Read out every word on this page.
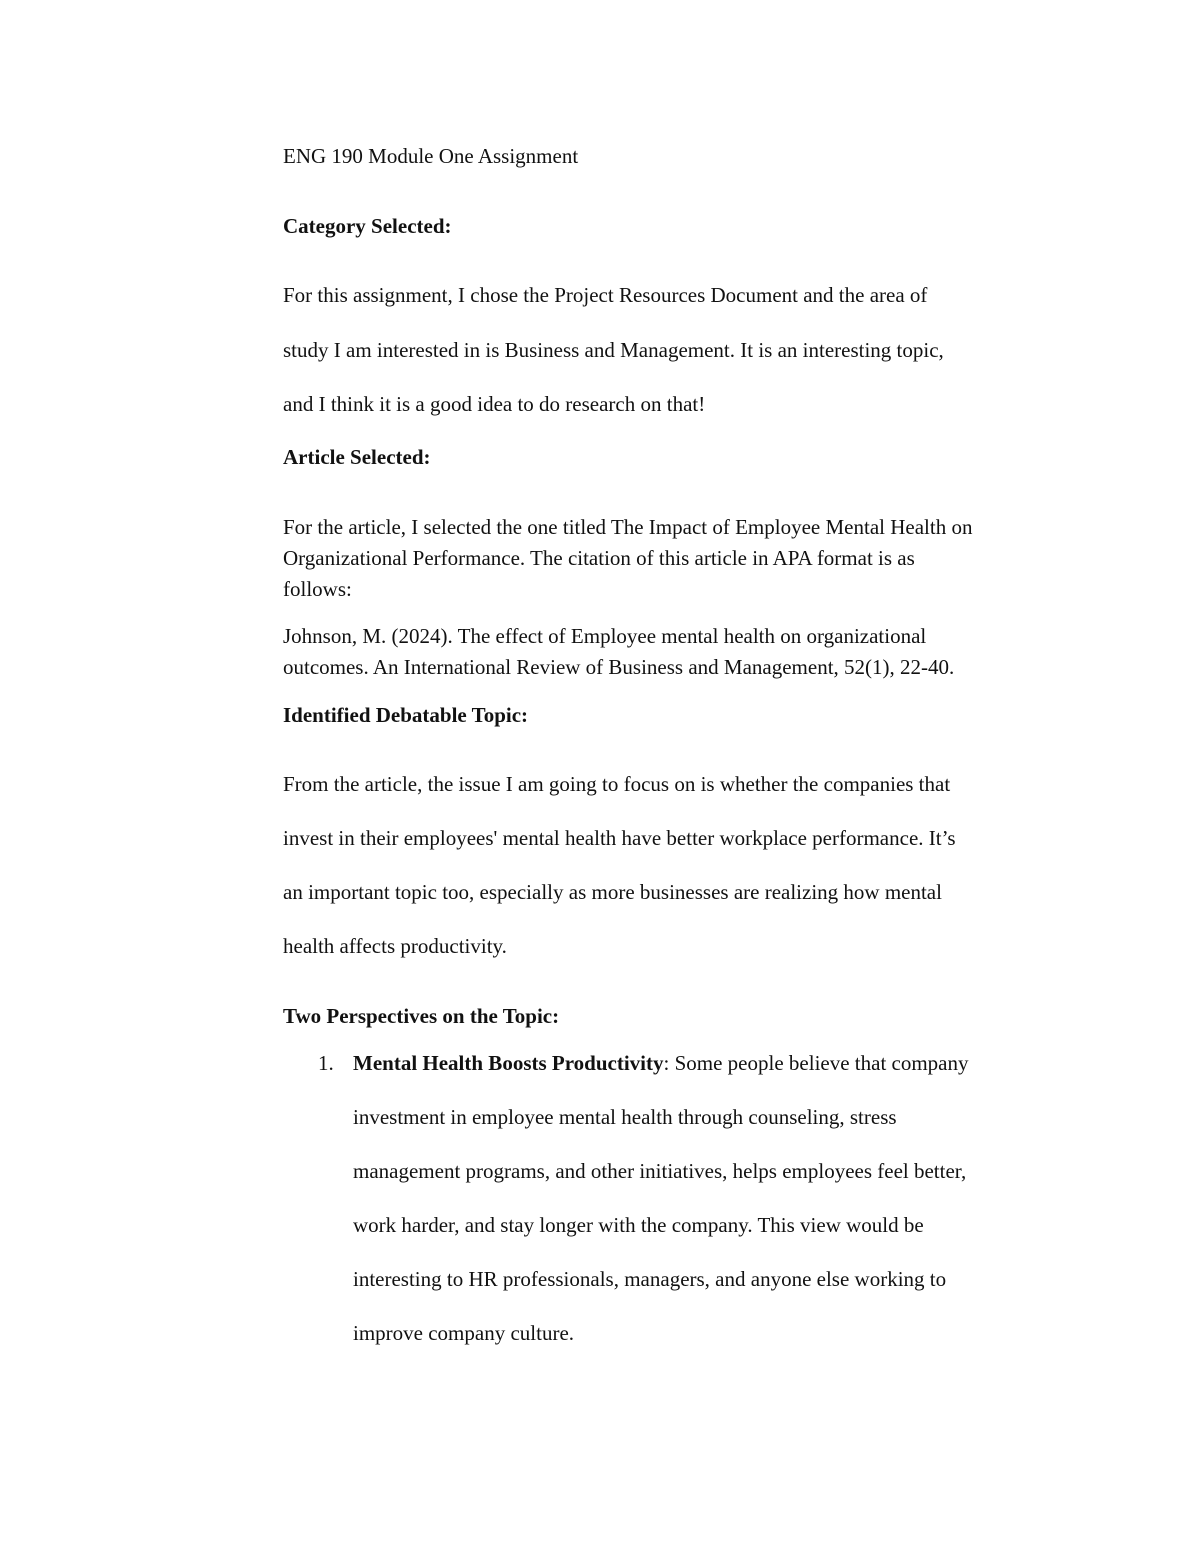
ENG 190 Module One Assignment
Category Selected:
For this assignment, I chose the Project Resources Document and the area of
study I am interested in is Business and Management. It is an interesting topic,
and I think it is a good idea to do research on that!
Article Selected:
For the article, I selected the one titled The Impact of Employee Mental Health on
Organizational Performance. The citation of this article in APA format is as
follows:
Johnson, M. (2024). The effect of Employee mental health on organizational
outcomes. An International Review of Business and Management, 52(1), 22-40.
Identified Debatable Topic:
From the article, the issue I am going to focus on is whether the companies that
invest in their employees' mental health have better workplace performance. It’s
an important topic too, especially as more businesses are realizing how mental
health affects productivity.
Two Perspectives on the Topic:
1. Mental Health Boosts Productivity: Some people believe that company
investment in employee mental health through counseling, stress
management programs, and other initiatives, helps employees feel better,
work harder, and stay longer with the company. This view would be
interesting to HR professionals, managers, and anyone else working to
improve company culture.
